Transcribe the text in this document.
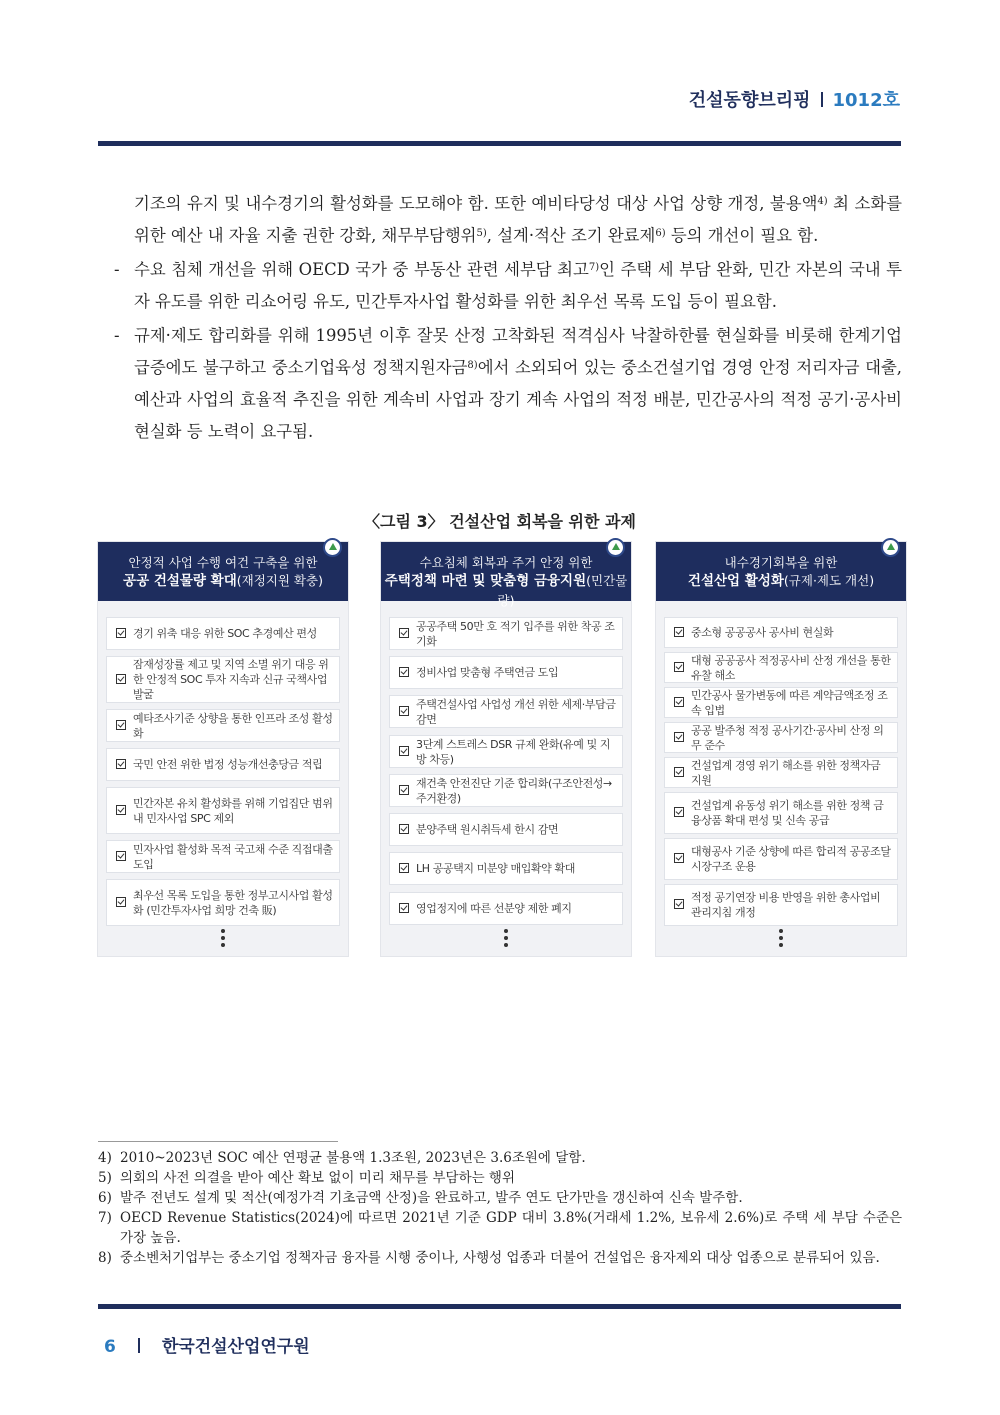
건설동향브리핑 1012호

기조의 유지 및 내수경기의 활성화를 도모해야 함. 또한 예비타당성 대상 사업 상향 개정, 불용액$^{4)}$ 최 소화를 위한 예산 내 자율 지출 권한 강화, 채무부담행위$^{5)}$, 설계·적산 조기 완료제$^{6)}$ 등의 개선이 필요 함.

- 수요 침체 개선을 위해 OECD 국가 중 부동산 관련 세부담 최고$^{7)}$인 주택 세 부담 완화, 민간 자본의 국내 투자 유도를 위한 리쇼어링 유도, 민간투자사업 활성화를 위한 최우선 목록 도입 등이 필요함.

- 규제·제도 합리화를 위해 1995년 이후 잘못 산정 고착화된 적격심사 낙찰하한률 현실화를 비롯해 한계기업 급증에도 불구하고 중소기업육성 정책지원자금$^{8)}$에서 소외되어 있는 중소건설기업 경영 안정 저리자금 대출, 예산과 사업의 효율적 추진을 위한 계속비 사업과 장기 계속 사업의 적정 배분, 민간공사의 적정 공기·공사비 현실화 등 노력이 요구됨.

〈그림 3〉 건설산업 회복을 위한 과제
안정적 사업 수행 여건 구축을 위한
공공 건설물량 확대(재정지원 확충)
경기 위축 대응 위한 SOC 추경예산 편성
잠재성장률 제고 및 지역 소멸 위기 대응 위한 안정적 SOC 투자 지속과 신규 국책사업 발굴
예타조사기준 상향을 통한 인프라 조성 활성화
국민 안전 위한 법정 성능개선충당금 적립
민간자본 유치 활성화를 위해 기업집단 범위 내 민자사업 SPC 제외
민자사업 활성화 목적 국고채 수준 직접대출 도입
최우선 목록 도입을 통한 정부고시사업 활성화 (민간투자사업 희망 건축 販)
수요침체 회복과 주거 안정 위한
주택정책 마련 및 맞춤형 금융지원(민간물량)
공공주택 50만 호 적기 입주를 위한 착공 조기화
정비사업 맞춤형 주택연금 도입
주택건설사업 사업성 개선 위한 세제·부담금 감면
3단계 스트레스 DSR 규제 완화(유예 및 지방 차등)
재건축 안전진단 기준 합리화(구조안전성→주거환경)
분양주택 원시취득세 한시 감면
LH 공공택지 미분양 매입확약 확대
영업정지에 따른 선분양 제한 폐지
내수경기회복을 위한
건설산업 활성화(규제·제도 개선)
중소형 공공공사 공사비 현실화
대형 공공공사 적정공사비 산정 개선을 통한 유찰 해소
민간공사 물가변동에 따른 계약금액조정 조속 입법
공공 발주청 적정 공사기간·공사비 산정 의무 준수
건설업계 경영 위기 해소를 위한 정책자금 지원
건설업계 유동성 위기 해소를 위한 정책 금융상품 확대 편성 및 신속 공급
대형공사 기준 상향에 따른 합리적 공공조달 시장구조 운용
적정 공기연장 비용 반영을 위한 총사업비 관리지침 개정
4) 2010~2023년 SOC 예산 연평균 불용액 1.3조원, 2023년은 3.6조원에 달함.
5) 의회의 사전 의결을 받아 예산 확보 없이 미리 채무를 부담하는 행위
6) 발주 전년도 설계 및 적산(예정가격 기초금액 산정)을 완료하고, 발주 연도 단가만을 갱신하여 신속 발주함.
7) OECD Revenue Statistics(2024)에 따르면 2021년 기준 GDP 대비 3.8%(거래세 1.2%, 보유세 2.6%)로 주택 세 부담 수준은 가장 높음.
8) 중소벤처기업부는 중소기업 정책자금 융자를 시행 중이나, 사행성 업종과 더불어 건설업은 융자제외 대상 업종으로 분류되어 있음.
6	한국건설산업연구원
